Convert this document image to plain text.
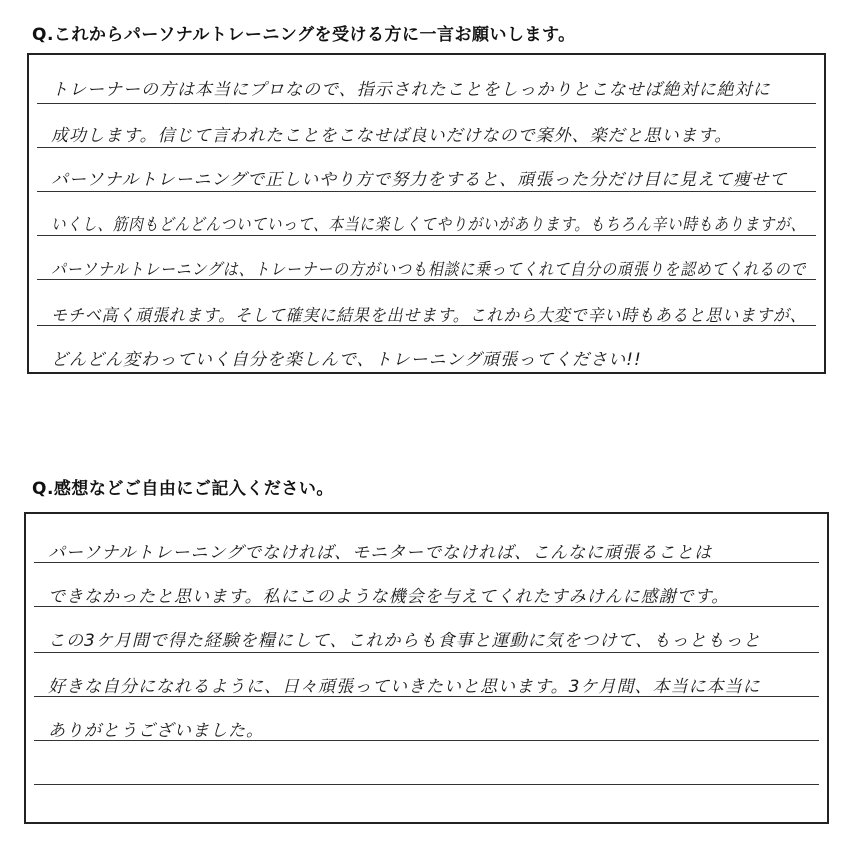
Q.これからパーソナルトレーニングを受ける方に一言お願いします。
トレーナーの方は本当にプロなので、指示されたことをしっかりとこなせば絶対に絶対に
成功します。信じて言われたことをこなせば良いだけなので案外、楽だと思います。
パーソナルトレーニングで正しいやり方で努力をすると、頑張った分だけ目に見えて痩せて
いくし、筋肉もどんどんついていって、本当に楽しくてやりがいがあります。もちろん辛い時もありますが、
パーソナルトレーニングは、トレーナーの方がいつも相談に乗ってくれて自分の頑張りを認めてくれるので
モチベ高く頑張れます。そして確実に結果を出せます。これから大変で辛い時もあると思いますが、
どんどん変わっていく自分を楽しんで、トレーニング頑張ってください!!
Q.感想などご自由にご記入ください。
パーソナルトレーニングでなければ、モニターでなければ、こんなに頑張ることは
できなかったと思います。私にこのような機会を与えてくれたすみけんに感謝です。
この3ケ月間で得た経験を糧にして、これからも食事と運動に気をつけて、もっともっと
好きな自分になれるように、日々頑張っていきたいと思います。3ケ月間、本当に本当に
ありがとうございました。
